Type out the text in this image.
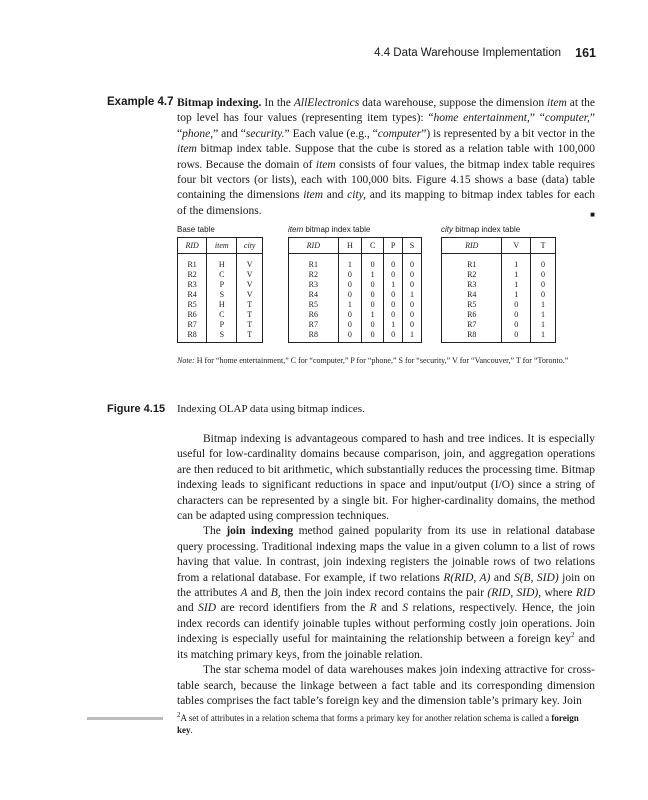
4.4 Data Warehouse Implementation 161
Example 4.7 Bitmap indexing. In the AllElectronics data warehouse, suppose the dimension item at the top level has four values (representing item types): “home entertainment,” “computer,” “phone,” and “security.” Each value (e.g., “computer”) is represented by a bit vector in the item bitmap index table. Suppose that the cube is stored as a relation table with 100,000 rows. Because the domain of item consists of four values, the bitmap index table requires four bit vectors (or lists), each with 100,000 bits. Figure 4.15 shows a base (data) table containing the dimensions item and city, and its mapping to bitmap index tables for each of the dimensions.	■

Base table
RID	item	city
R1	H	V
R2	C	V
R3	P	V
R4	S	V
R5	H	T
R6	C	T
R7	P	T
R8	S	T
item bitmap index table
RID	H	C	P	S
R1	1	0	0	0
R2	0	1	0	0
R3	0	0	1	0
R4	0	0	0	1
R5	1	0	0	0
R6	0	1	0	0
R7	0	0	1	0
R8	0	0	0	1
city bitmap index table
RID	V	T
R1	1	0
R2	1	0
R3	1	0
R4	1	0
R5	0	1
R6	0	1
R7	0	1
R8	0	1
Note: H for “home entertainment,” C for “computer,” P for “phone,” S for “security,” V for “Vancouver,” T for “Toronto.”
Figure 4.15 Indexing OLAP data using bitmap indices.

Bitmap indexing is advantageous compared to hash and tree indices. It is especially useful for low-cardinality domains because comparison, join, and aggregation operations are then reduced to bit arithmetic, which substantially reduces the processing time. Bitmap indexing leads to significant reductions in space and input/output (I/O) since a string of characters can be represented by a single bit. For higher-cardinality domains, the method can be adapted using compression techniques.

The join indexing method gained popularity from its use in relational database query processing. Traditional indexing maps the value in a given column to a list of rows having that value. In contrast, join indexing registers the joinable rows of two relations from a relational database. For example, if two relations R(RID, A) and S(B, SID) join on the attributes A and B, then the join index record contains the pair (RID, SID), where RID and SID are record identifiers from the R and S relations, respectively. Hence, the join index records can identify joinable tuples without performing costly join operations. Join indexing is especially useful for maintaining the relationship between a foreign key$^2$ and its matching primary keys, from the joinable relation.

The star schema model of data warehouses makes join indexing attractive for cross-table search, because the linkage between a fact table and its corresponding dimension tables comprises the fact table’s foreign key and the dimension table’s primary key. Join

$^2$A set of attributes in a relation schema that forms a primary key for another relation schema is called a foreign key.
